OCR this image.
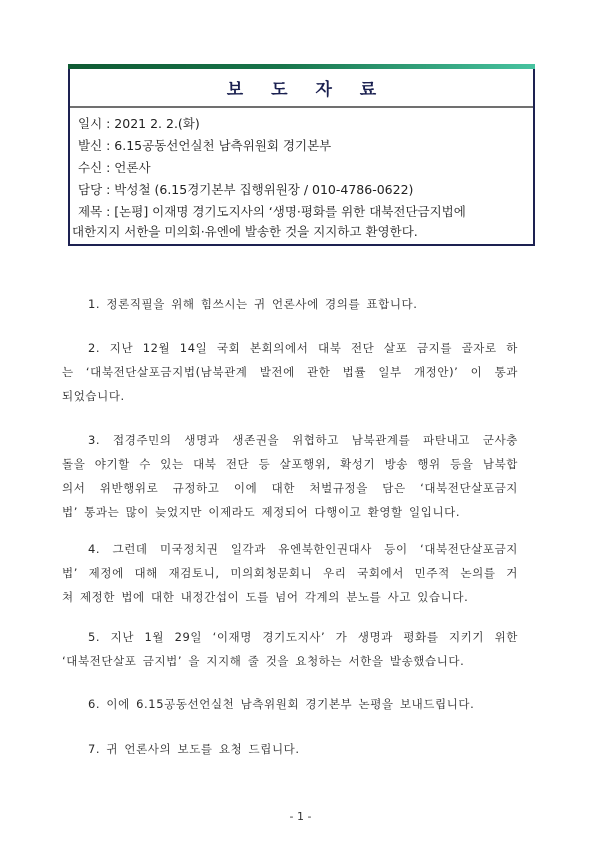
보 도 자 료
일시 : 2021 2. 2.(화)
발신 : 6.15공동선언실천 남측위원회 경기본부
수신 : 언론사
담당 : 박성철 (6.15경기본부 집행위원장 / 010-4786-0622)
제목 : [논평] 이재명 경기도지사의 ‘생명·평화를 위한 대북전단금지법에
대한지지 서한을 미의회·유엔에 발송한 것을 지지하고 환영한다.
1. 정론직필을 위해 힘쓰시는 귀 언론사에 경의를 표합니다.
2. 지난 12월 14일 국회 본회의에서 대북 전단 살포 금지를 골자로 하
는 ‘대북전단살포금지법(남북관계 발전에 관한 법률 일부 개정안)’ 이 통과
되었습니다.
3. 접경주민의 생명과 생존권을 위협하고 남북관계를 파탄내고 군사충
돌을 야기할 수 있는 대북 전단 등 살포행위, 확성기 방송 행위 등을 남북합
의서 위반행위로 규정하고 이에 대한 처벌규정을 담은 ‘대북전단살포금지
법’ 통과는 많이 늦었지만 이제라도 제정되어 다행이고 환영할 일입니다.
4. 그런데 미국정치권 일각과 유엔북한인권대사 등이 ‘대북전단살포금지
법’ 제정에 대해 재검토니, 미의회청문회니 우리 국회에서 민주적 논의를 거
쳐 제정한 법에 대한 내정간섭이 도를 넘어 각계의 분노를 사고 있습니다.
5. 지난 1월 29일 ‘이재명 경기도지사’ 가 생명과 평화를 지키기 위한
‘대북전단살포 금지법’ 을 지지해 줄 것을 요청하는 서한을 발송했습니다.
6. 이에 6.15공동선언실천 남측위원회 경기본부 논평을 보내드립니다.
7. 귀 언론사의 보도를 요청 드립니다.
- 1 -
